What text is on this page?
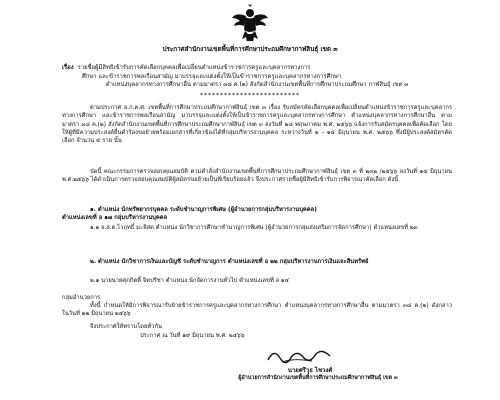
ประกาศสำนักงานเขตพื้นที่การศึกษาประถมศึกษากาฬสินธุ์ เขต ๓
เรื่อง รายชื่อผู้มีสิทธิเข้ารับการคัดเลือกบุคคลเพื่อเปลี่ยนตำแหน่งข้าราชการครูและบุคลากรทางการ
ศึกษา และข้าราชการพลเรือนสามัญ มาบรรจุและแต่งตั้งให้เป็นข้าราชการครูและบุคลากรทางการศึกษา
ตำแหน่งบุคลากรทางการศึกษาอื่น ตามมาตรา ๓๘ ค.(๒) สังกัดสำนักงานเขตพื้นที่การศึกษาประถมศึกษา กาฬสินธุ์ เขต ๓
*************************
ตามประกาศ อ.ก.ค.ศ. เขตพื้นที่การศึกษาประถมศึกษากาฬสินธุ์ เขต ๓ เรื่อง รับสมัครคัดเลือกบุคคลเพื่อเปลี่ยนตำแหน่งข้าราชการครูและบุคลากรทางการศึกษา และข้าราชการพลเรือนสามัญ มาบรรจุและแต่งตั้งให้เป็นข้าราชการครูและบุคลากรทางการศึกษา ตำแหน่งบุคลากรทางการศึกษาอื่น ตามมาตรา ๓๘ ค.(๒) สังกัดสำนักงานเขตพื้นที่การศึกษาประถมศึกษากาฬสินธุ์ เขต ๓ ลงวันที่ ๒๘ พฤษภาคม พ.ศ. ๒๕๖๖ แจ้งการรับสมัครบุคคลเพื่อคัดเลือก โดยให้ผู้ที่มีความประสงค์ยื่นคำร้องขอย้ายพร้อมเอกสารที่เกี่ยวข้องได้ที่กลุ่มบริหารงานบุคคล ระหว่างวันที่ ๒ - ๑๔ มิถุนายน พ.ศ. ๒๕๖๖ ซึ่งมีผู้ประสงค์สมัครคัดเลือก จำนวน ๔ ราย นั้น
บัดนี้ คณะกรรมการตรวจสอบคุณสมบัติ ตามคำสั่งสำนักงานเขตพื้นที่การศึกษาประถมศึกษากาฬสินธุ์ เขต ๓ ที่ ๒๓๒ /๒๕๖๖ ลงวันที่ ๑๔ มิถุนายน พ.ศ.๒๕๖๖ ได้ดำเนินการตรวจสอบคุณสมบัติผู้สมัครขอย้ายเป็นที่เรียบร้อยแล้ว จึงประกาศรายชื่อผู้มีสิทธิเข้ารับการพิจารณาคัดเลือก ดังนี้
๑. ตำแหน่ง นักทรัพยากรบุคคล ระดับชำนาญการพิเศษ (ผู้อำนวยการกลุ่มบริหารงานบุคคล)
ตำแหน่งเลขที่ อ ๑๗ กลุ่มบริหารงานบุคคล
๑.๑ จ.ส.ต.ไวฤทธิ์ มะลิสด ตำแหน่ง นักวิชาการศึกษาชำนาญการพิเศษ (ผู้อำนวยการกลุ่มส่งเสริมการจัดการศึกษา) ตำแหน่งเลขที่ ๒๓
๒. ตำแหน่ง นักวิชาการเงินและบัญชี ระดับชำนาญการ ตำแหน่งเลขที่ อ ๒๒ กลุ่มบริหารงานการเงินและสินทรัพย์
๒.๑ นายนายศุภกิตติ์ จิตปรีชา ตำแหน่ง นักจัดการงานทั่วไป ตำแหน่งเลขที่ อ ๑๔
กลุ่มอำนวยการ
ทั้งนี้ กำหนดให้มีการพิจารณารับย้ายข้าราชการครูและบุคลากรทางการศึกษา ตำแหน่งบุคลากรทางการศึกษาอื่น ตามมาตรา ๓๘ ค.(๒) ดังกล่าว ในวันที่ ๒๒ มิถุนายน ๒๕๖๖
จึงประกาศให้ทราบโดยทั่วกัน
ประกาศ ณ วันที่ ๑๙ มิถุนายน พ.ศ. ๒๕๖๖
นายศรีวุธ ไชวงศ์
ผู้อำนวยการสำนักงานเขตพื้นที่การศึกษาประถมศึกษากาฬสินธุ์ เขต ๓
